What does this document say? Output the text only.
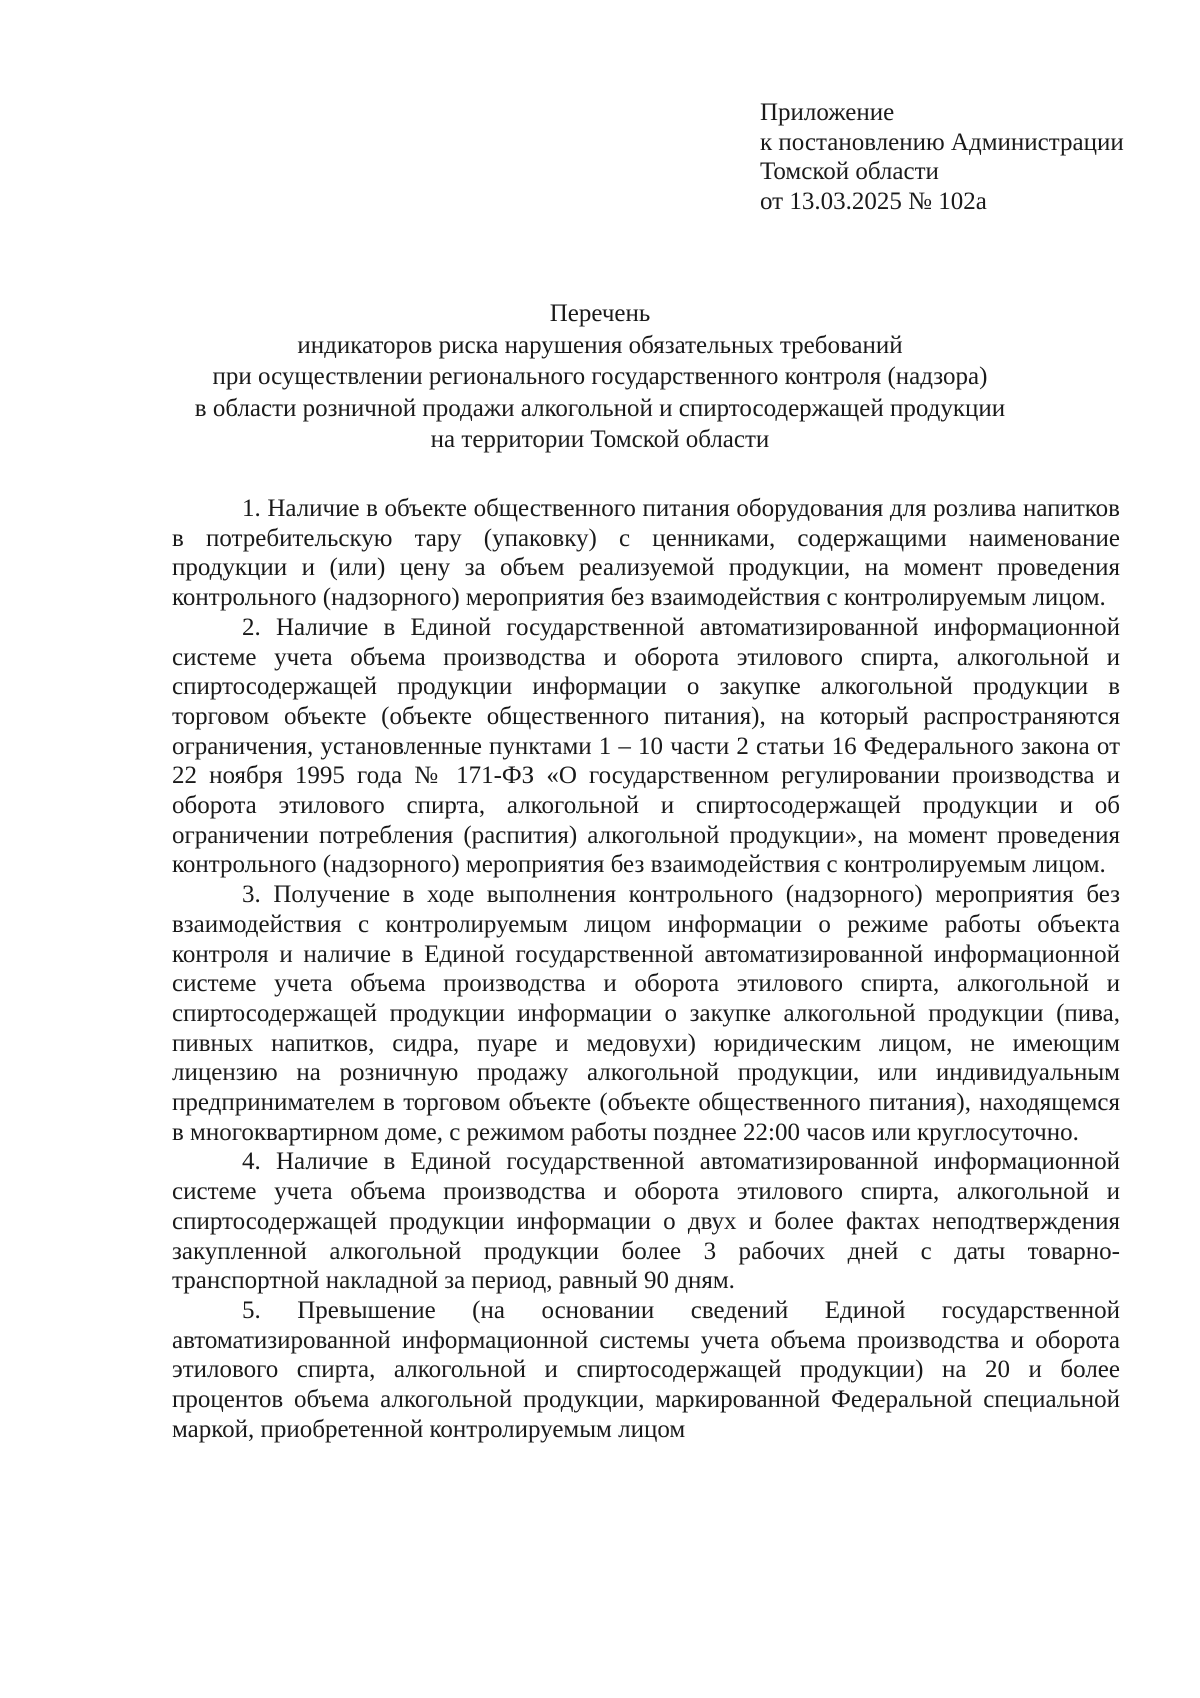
Приложение
к постановлению Администрации
Томской области
от 13.03.2025 № 102а
Перечень
индикаторов риска нарушения обязательных требований
при осуществлении регионального государственного контроля (надзора)
в области розничной продажи алкогольной и спиртосодержащей продукции
на территории Томской области

1. Наличие в объекте общественного питания оборудования для розлива напитков в потребительскую тару (упаковку) с ценниками, содержащими наименование продукции и (или) цену за объем реализуемой продукции, на момент проведения контрольного (надзорного) мероприятия без взаимодействия с контролируемым лицом.

2. Наличие в Единой государственной автоматизированной информационной системе учета объема производства и оборота этилового спирта, алкогольной и спиртосодержащей продукции информации о закупке алкогольной продукции в торговом объекте (объекте общественного питания), на который распространяются ограничения, установленные пунктами 1 – 10 части 2 статьи 16 Федерального закона от 22 ноября 1995 года № 171-ФЗ «О государственном регулировании производства и оборота этилового спирта, алкогольной и спиртосодержащей продукции и об ограничении потребления (распития) алкогольной продукции», на момент проведения контрольного (надзорного) мероприятия без взаимодействия с контролируемым лицом.

3. Получение в ходе выполнения контрольного (надзорного) мероприятия без взаимодействия с контролируемым лицом информации о режиме работы объекта контроля и наличие в Единой государственной автоматизированной информационной системе учета объема производства и оборота этилового спирта, алкогольной и спиртосодержащей продукции информации о закупке алкогольной продукции (пива, пивных напитков, сидра, пуаре и медовухи) юридическим лицом, не имеющим лицензию на розничную продажу алкогольной продукции, или индивидуальным предпринимателем в торговом объекте (объекте общественного питания), находящемся в многоквартирном доме, с режимом работы позднее 22:00 часов или круглосуточно.

4. Наличие в Единой государственной автоматизированной информационной системе учета объема производства и оборота этилового спирта, алкогольной и спиртосодержащей продукции информации о двух и более фактах неподтверждения закупленной алкогольной продукции более 3 рабочих дней с даты товарно-транспортной накладной за период, равный 90 дням.

5. Превышение (на основании сведений Единой государственной автоматизированной информационной системы учета объема производства и оборота этилового спирта, алкогольной и спиртосодержащей продукции) на 20 и более процентов объема алкогольной продукции, маркированной Федеральной специальной маркой, приобретенной контролируемым лицом
